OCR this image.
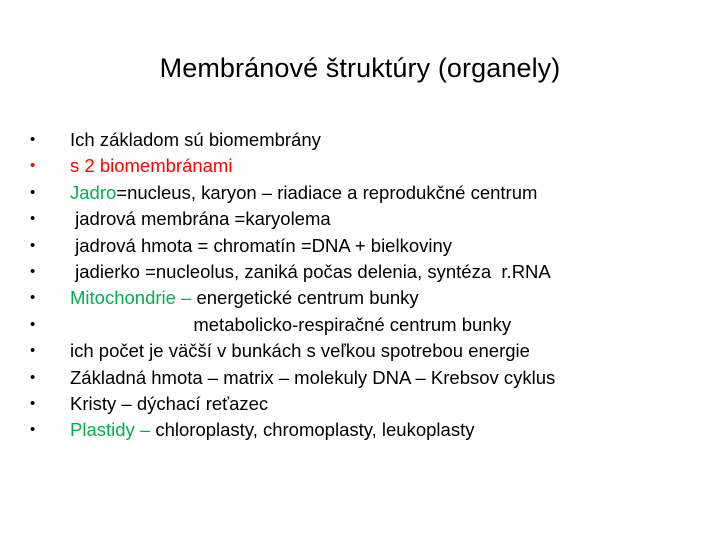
Membránové štruktúry (organely)

•

	Ich základom sú biomembrány

•

	s 2 biomembránami

•

	Jadro=nucleus, karyon – riadiace a reprodukčné centrum

•

	jadrová membrána =karyolema

•

	jadrová hmota = chromatín =DNA + bielkoviny

•

	jadierko =nucleolus, zaniká počas delenia, syntéza  r.RNA

•

	Mitochondrie – energetické centrum bunky

•

	metabolicko-respiračné centrum bunky

•

	ich počet je väčší v bunkách s veľkou spotrebou energie

•

	Základná hmota – matrix – molekuly DNA – Krebsov cyklus

•

	Kristy – dýchací reťazec

•

	Plastidy – chloroplasty, chromoplasty, leukoplasty
